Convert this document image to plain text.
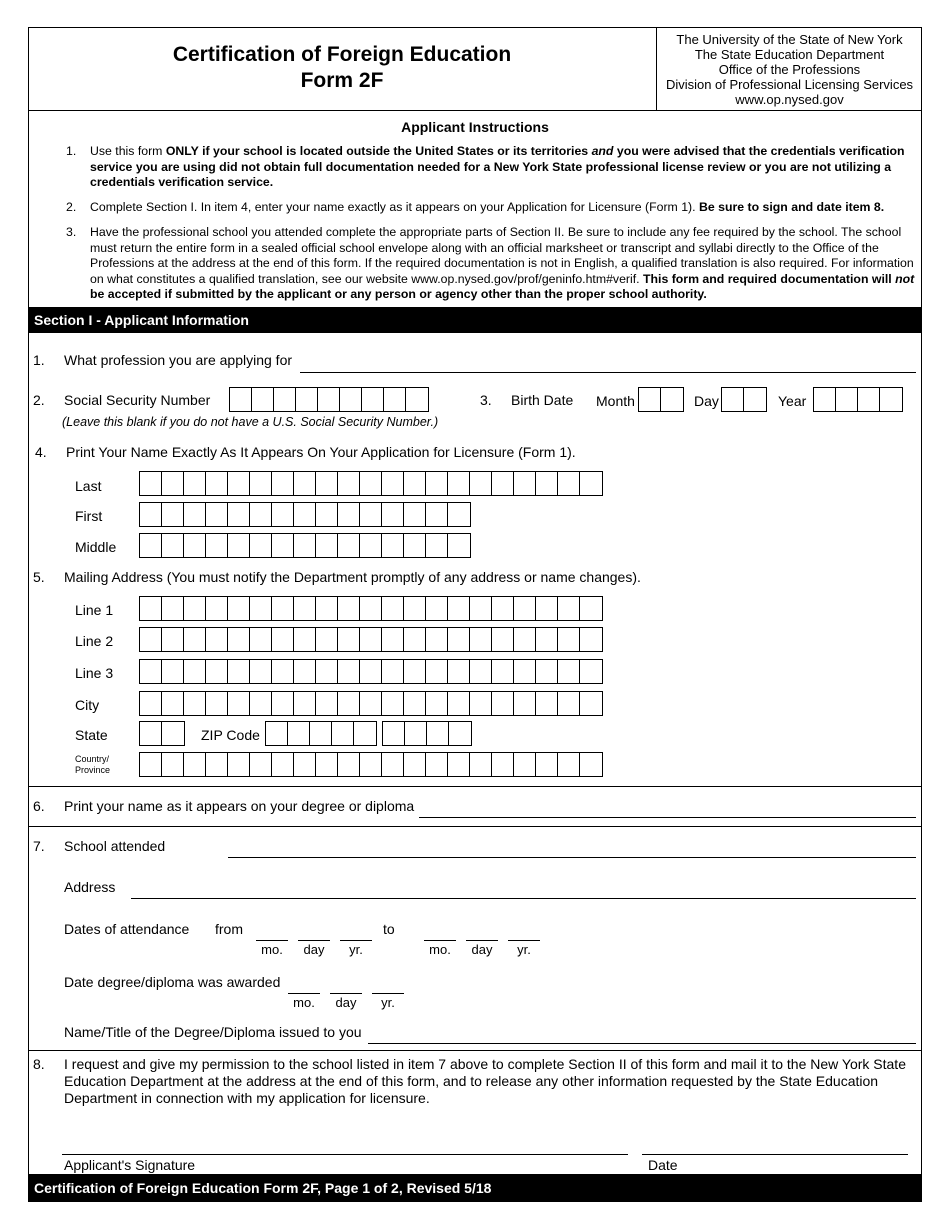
Certification of Foreign Education
Form 2F
The University of the State of New York
The State Education Department
Office of the Professions
Division of Professional Licensing Services
www.op.nysed.gov
Applicant Instructions
1. Use this form ONLY if your school is located outside the United States or its territories and you were advised that the credentials verification service you are using did not obtain full documentation needed for a New York State professional license review or you are not utilizing a credentials verification service.
2. Complete Section I. In item 4, enter your name exactly as it appears on your Application for Licensure (Form 1). Be sure to sign and date item 8.
3. Have the professional school you attended complete the appropriate parts of Section II. Be sure to include any fee required by the school. The school must return the entire form in a sealed official school envelope along with an official marksheet or transcript and syllabi directly to the Office of the Professions at the address at the end of this form. If the required documentation is not in English, a qualified translation is also required. For information on what constitutes a qualified translation, see our website www.op.nysed.gov/prof/geninfo.htm#verif. This form and required documentation will not be accepted if submitted by the applicant or any person or agency other than the proper school authority.
Section I - Applicant Information
1. What profession you are applying for
2. Social Security Number
(Leave this blank if you do not have a U.S. Social Security Number.)
3. Birth Date Month	Day	Year
4. Print Your Name Exactly As It Appears On Your Application for Licensure (Form 1).
Last
First
Middle
5. Mailing Address (You must notify the Department promptly of any address or name changes).
Line 1
Line 2
Line 3
City
State	ZIP Code
Country/
Province
6. Print your name as it appears on your degree or diploma
7. School attended
Address
Dates of attendance from
mo.	day	yr.
to
mo.	day	yr.
Date degree/diploma was awarded
mo.	day	yr.
Name/Title of the Degree/Diploma issued to you
8. I request and give my permission to the school listed in item 7 above to complete Section II of this form and mail it to the New York State Education Department at the address at the end of this form, and to release any other information requested by the State Education Department in connection with my application for licensure.
Applicant's Signature	Date
Certification of Foreign Education Form 2F, Page 1 of 2, Revised 5/18
